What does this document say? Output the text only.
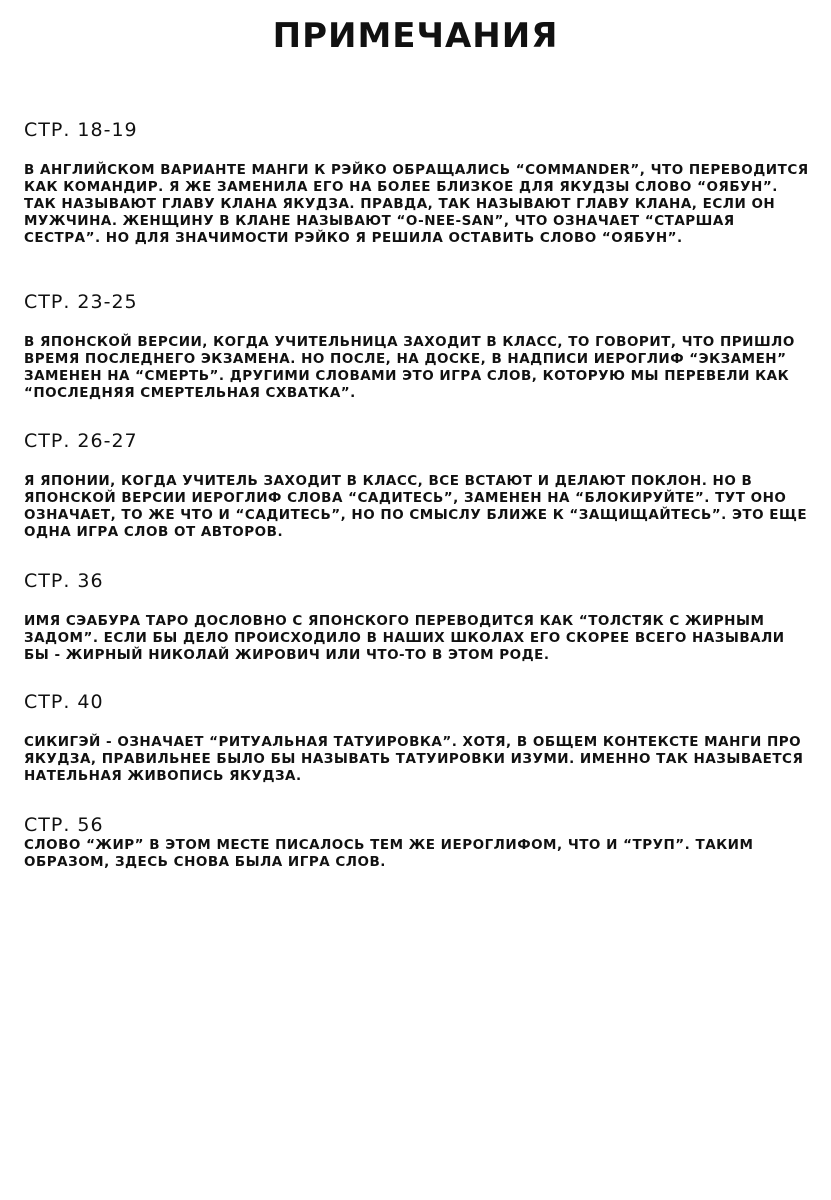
ПРИМЕЧАНИЯ
СТР. 18-19

В АНГЛИЙСКОМ ВАРИАНТЕ МАНГИ К РЭЙКО ОБРАЩАЛИСЬ “COMMANDER”, ЧТО ПЕРЕВОДИТСЯ КАК КОМАНДИР. Я ЖЕ ЗАМЕНИЛА ЕГО НА БОЛЕЕ БЛИЗКОЕ ДЛЯ ЯКУДЗЫ СЛОВО “ОЯБУН”. ТАК НАЗЫВАЮТ ГЛАВУ КЛАНА ЯКУДЗА. ПРАВДА, ТАК НАЗЫВАЮТ ГЛАВУ КЛАНА, ЕСЛИ ОН МУЖЧИНА. ЖЕНЩИНУ В КЛАНЕ НАЗЫВАЮТ “O-NEE-SAN”, ЧТО ОЗНАЧАЕТ “СТАРШАЯ СЕСТРА”. НО ДЛЯ ЗНАЧИМОСТИ РЭЙКО Я РЕШИЛА ОСТАВИТЬ СЛОВО “ОЯБУН”.

СТР. 23-25

В ЯПОНСКОЙ ВЕРСИИ, КОГДА УЧИТЕЛЬНИЦА ЗАХОДИТ В КЛАСС, ТО ГОВОРИТ, ЧТО ПРИШЛО ВРЕМЯ ПОСЛЕДНЕГО ЭКЗАМЕНА. НО ПОСЛЕ, НА ДОСКЕ, В НАДПИСИ ИЕРОГЛИФ “ЭКЗАМЕН” ЗАМЕНЕН НА “СМЕРТЬ”. ДРУГИМИ СЛОВАМИ ЭТО ИГРА СЛОВ, КОТОРУЮ МЫ ПЕРЕВЕЛИ КАК “ПОСЛЕДНЯЯ СМЕРТЕЛЬНАЯ СХВАТКА”.

СТР. 26-27

Я ЯПОНИИ, КОГДА УЧИТЕЛЬ ЗАХОДИТ В КЛАСС, ВСЕ ВСТАЮТ И ДЕЛАЮТ ПОКЛОН. НО В ЯПОНСКОЙ ВЕРСИИ ИЕРОГЛИФ СЛОВА “САДИТЕСЬ”, ЗАМЕНЕН НА “БЛОКИРУЙТЕ”. ТУТ ОНО ОЗНАЧАЕТ, ТО ЖЕ ЧТО И “САДИТЕСЬ”, НО ПО СМЫСЛУ БЛИЖЕ К “ЗАЩИЩАЙТЕСЬ”. ЭТО ЕЩЕ ОДНА ИГРА СЛОВ ОТ АВТОРОВ.

СТР. 36

ИМЯ СЭАБУРА ТАРО ДОСЛОВНО С ЯПОНСКОГО ПЕРЕВОДИТСЯ КАК “ТОЛСТЯК С ЖИРНЫМ ЗАДОМ”. ЕСЛИ БЫ ДЕЛО ПРОИСХОДИЛО В НАШИХ ШКОЛАХ ЕГО СКОРЕЕ ВСЕГО НАЗЫВАЛИ БЫ - ЖИРНЫЙ НИКОЛАЙ ЖИРОВИЧ ИЛИ ЧТО-ТО В ЭТОМ РОДЕ.

СТР. 40

СИКИГЭЙ - ОЗНАЧАЕТ “РИТУАЛЬНАЯ ТАТУИРОВКА”. ХОТЯ, В ОБЩЕМ КОНТЕКСТЕ МАНГИ ПРО ЯКУДЗА, ПРАВИЛЬНЕЕ БЫЛО БЫ НАЗЫВАТЬ ТАТУИРОВКИ ИЗУМИ. ИМЕННО ТАК НАЗЫВАЕТСЯ НАТЕЛЬНАЯ ЖИВОПИСЬ ЯКУДЗА.

СТР. 56

СЛОВО “ЖИР” В ЭТОМ МЕСТЕ ПИСАЛОСЬ ТЕМ ЖЕ ИЕРОГЛИФОМ, ЧТО И “ТРУП”. ТАКИМ ОБРАЗОМ, ЗДЕСЬ СНОВА БЫЛА ИГРА СЛОВ.
